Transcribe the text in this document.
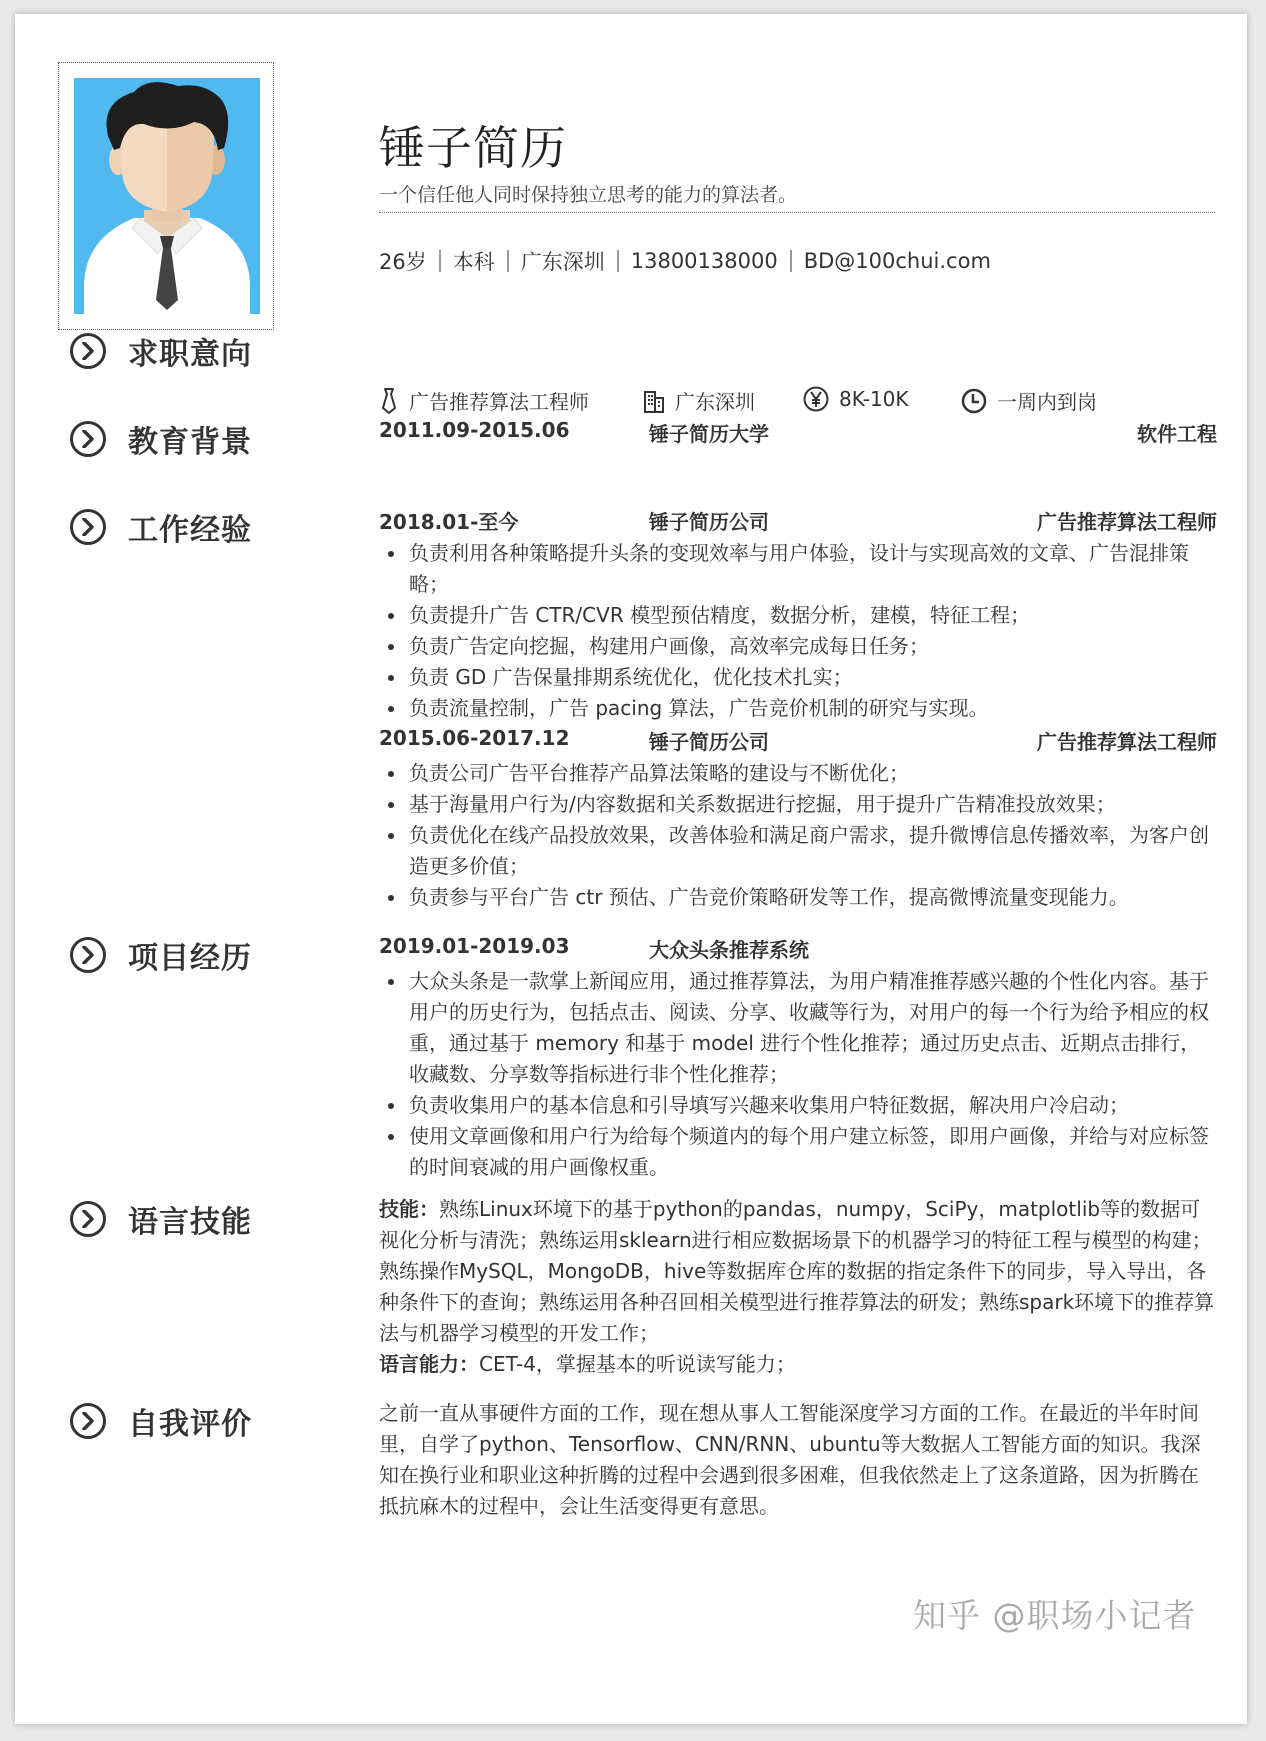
锤子简历
一个信任他人同时保持独立思考的能力的算法者。
26岁 本科 广东深圳 13800138000 BD@100chui.com
求职意向
广告推荐算法工程师	广东深圳	8K-10K	一周内到岗
教育背景	2011.09-2015.06	锤子简历大学	软件工程
工作经验	2018.01-至今	锤子简历公司	广告推荐算法工程师
负责利用各种策略提升头条的变现效率与用户体验，设计与实现高效的文章、广告混排策略；
负责提升广告 CTR/CVR 模型预估精度，数据分析，建模，特征工程；
负责广告定向挖掘，构建用户画像，高效率完成每日任务；
负责 GD 广告保量排期系统优化，优化技术扎实；
负责流量控制，广告 pacing 算法，广告竞价机制的研究与实现。
2015.06-2017.12	锤子简历公司	广告推荐算法工程师
负责公司广告平台推荐产品算法策略的建设与不断优化；
基于海量用户行为/内容数据和关系数据进行挖掘，用于提升广告精准投放效果；
负责优化在线产品投放效果，改善体验和满足商户需求，提升微博信息传播效率，为客户创造更多价值；
负责参与平台广告 ctr 预估、广告竞价策略研发等工作，提高微博流量变现能力。
项目经历	2019.01-2019.03	大众头条推荐系统
大众头条是一款掌上新闻应用，通过推荐算法，为用户精准推荐感兴趣的个性化内容。基于用户的历史行为，包括点击、阅读、分享、收藏等行为，对用户的每一个行为给予相应的权重，通过基于 memory 和基于 model 进行个性化推荐；通过历史点击、近期点击排行，收藏数、分享数等指标进行非个性化推荐；
负责收集用户的基本信息和引导填写兴趣来收集用户特征数据，解决用户冷启动；
使用文章画像和用户行为给每个频道内的每个用户建立标签，即用户画像，并给与对应标签的时间衰减的用户画像权重。
语言技能	技能：熟练Linux环境下的基于python的pandas，numpy，SciPy，matplotlib等的数据可视化分析与清洗；熟练运用sklearn进行相应数据场景下的机器学习的特征工程与模型的构建；熟练操作MySQL，MongoDB，hive等数据库仓库的数据的指定条件下的同步，导入导出，各种条件下的查询；熟练运用各种召回相关模型进行推荐算法的研发；熟练spark环境下的推荐算法与机器学习模型的开发工作；
语言能力：CET-4，掌握基本的听说读写能力；
自我评价	之前一直从事硬件方面的工作，现在想从事人工智能深度学习方面的工作。在最近的半年时间里，自学了python、Tensorflow、CNN/RNN、ubuntu等大数据人工智能方面的知识。我深知在换行业和职业这种折腾的过程中会遇到很多困难，但我依然走上了这条道路，因为折腾在抵抗麻木的过程中，会让生活变得更有意思。

知乎 @职场小记者
